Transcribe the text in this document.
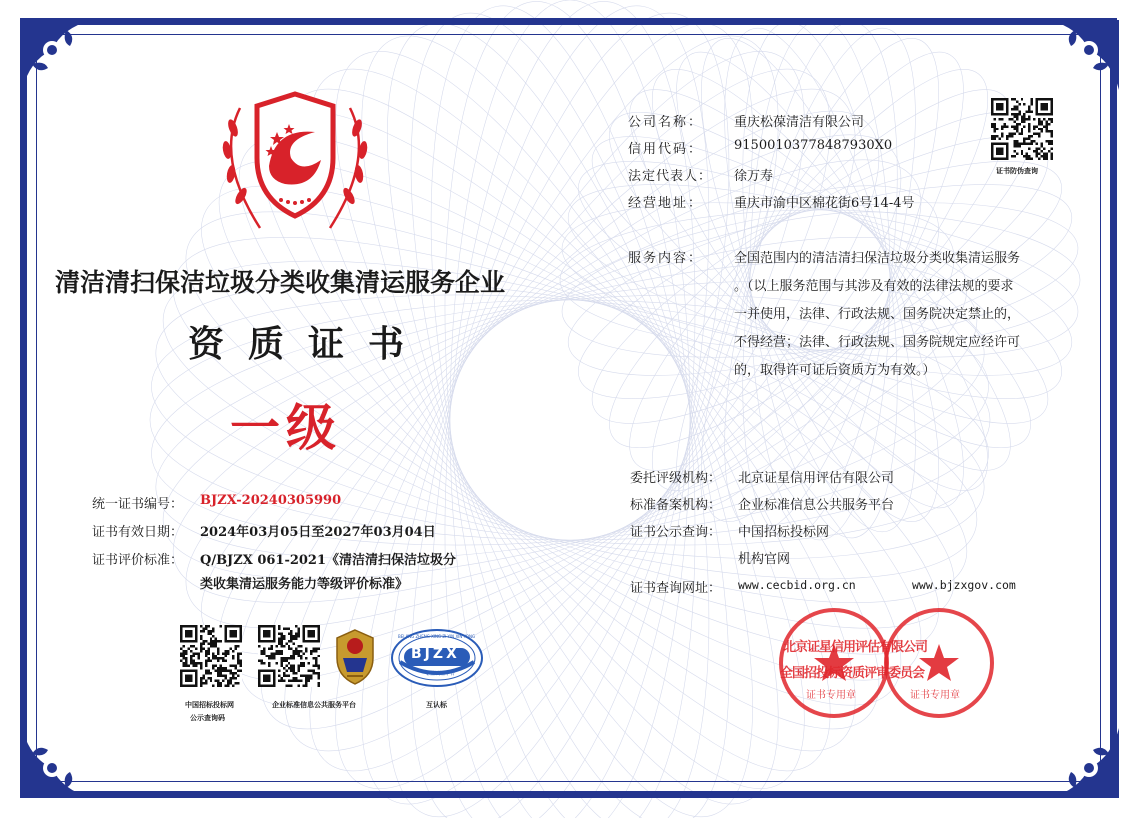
清洁清扫保洁垃圾分类收集清运服务企业
资质证书
一级
公司名称： 重庆松葆清洁有限公司
信用代码： 91500103778487930X0
法定代表人： 徐万寿
经营地址： 重庆市渝中区棉花街6号14-4号
证书防伪查询
服务内容： 全国范围内的清洁清扫保洁垃圾分类收集清运服务
。（以上服务范围与其涉及有效的法律法规的要求
一并使用，法律、行政法规、国务院决定禁止的，
不得经营；法律、行政法规、国务院规定应经许可
的，取得许可证后资质方为有效。）
统一证书编号： BJZX-20240305990
证书有效日期： 2024年03月05日至2027年03月04日
证书评价标准： Q/BJZX 061-2021《清洁清扫保洁垃圾分
类收集清运服务能力等级评价标准》
委托评级机构： 北京证星信用评估有限公司
标准备案机构： 企业标准信息公共服务平台
证书公示查询： 中国招标投标网
机构官网
证书查询网址： www.cecbid.org.cn	www.bjzxgov.com
中国招标投标网
公示查询码
企业标准信息公共服务平台
BJZX
BEI JING ZHENG XING ZI YIN XIN YONG
专业认证平台
互认标
北京证星信用评估有限公司
证书专用章
全国招投标资质评审委员会
证书专用章
